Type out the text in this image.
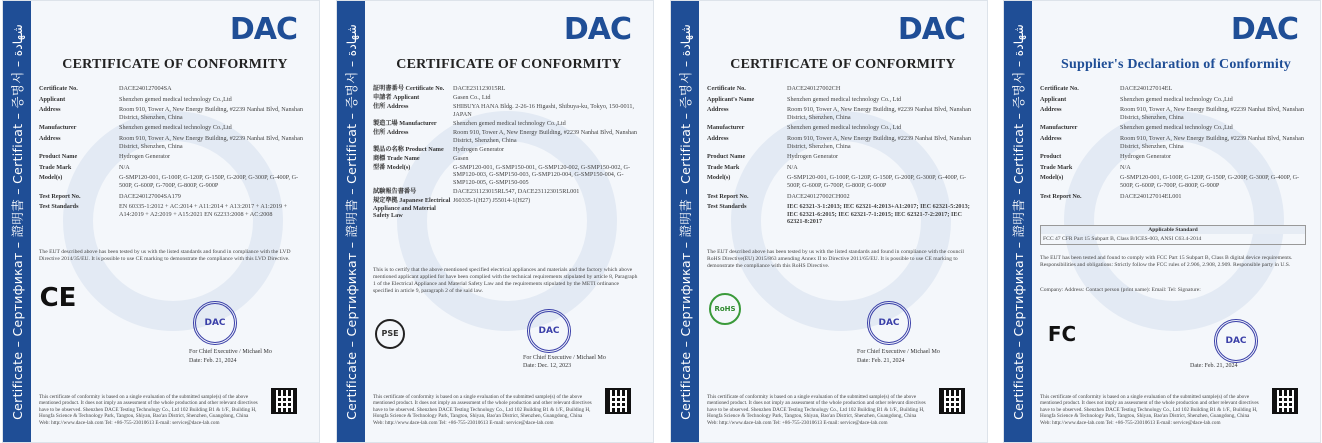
Certificate – Сертификат – 證明書 – Certificat – 증명서 – شهادة	DAC
CERTIFICATE OF CONFORMITY
Certificate No.	DACE240127004SA
Applicant	Shenzhen gemed medical technology Co.,Ltd
Address	Room 910, Tower A, New Energy Building, #2239 Nanhai Blvd, Nanshan District, Shenzhen, China
Manufacturer	Shenzhen gemed medical technology Co.,Ltd
Address	Room 910, Tower A, New Energy Building, #2239 Nanhai Blvd, Nanshan District, Shenzhen, China
Product Name	Hydrogen Generator
Trade Mark	N/A
Model(s)	G-SMP120-001, G-100P, G-120P, G-150P, G-200P, G-300P, G-400P, G-500P, G-600P, G-700P, G-800P, G-900P
Test Report No.	DACE240127004SA179
Test Standards	EN 60335-1:2012 + AC:2014 + A11:2014 + A13:2017 + A1:2019 + A14:2019 + A2:2019 + A15:2021 EN 62233:2008 + AC:2008
The EUT described above has been tested by us with the listed standards and found in compliance with the LVD Directive 2014/35/EU. It is possible to use CE marking to demonstrate the compliance with this LVD Directive.
CE
DAC
For Chief Executive / Michael Mo
Date: Feb. 21, 2024
This certificate of conformity is based on a single evaluation of the submitted sample(s) of the above mentioned product. It does not imply an assessment of the whole production and other relevant directives have to be observed. Shenzhen DACE Testing Technology Co., Ltd 102 Building B1 & 1/F., Building H, Hongfa Science & Technology Park, Tangtou, Shiyan, Bao'an District, Shenzhen, Guangdong, China Web: http://www.dace-lab.com Tel: +86-755-23010613 E-mail: service@dace-lab.com
Certificate – Сертификат – 證明書 – Certificat – 증명서 – شهادة	DAC
CERTIFICATE OF CONFORMITY
証明書番号 Certificate No.	DACE231123015RL
申請者 Applicant	Gasen Co., Ltd
住所 Address	SHIBUYA HANA Bldg. 2-26-16 Higashi, Shibuya-ku, Tokyo, 150-0011, JAPAN
製造工場 Manufacturer	Shenzhen gemed medical technology Co.,Ltd
住所 Address	Room 910, Tower A, New Energy Building, #2239 Nanhai Blvd, Nanshan District, Shenzhen, China
製品の名称 Product Name	Hydrogen Generator
商標 Trade Name	Gasen
型番 Model(s)	G-SMP120-001, G-SMP150-001, G-SMP120-002, G-SMP150-002, G-SMP120-003, G-SMP150-003, G-SMP120-004, G-SMP150-004, G-SMP120-005, G-SMP150-005
試験報告書番号	DACE231123015RL547, DACE231123015RL001
規定準拠 Japanese Electrical Appliance and Material Safety Law
J60335-1(H27) J55014-1(H27)
This is to certify that the above mentioned specified electrical appliances and materials and the factory which above mentioned applicant applied for have been complied with the technical requirements stipulated by article 8, Paragraph 1 of the Electrical Appliance and Material Safety Law and the requirements stipulated by the METI ordinance specified in article 9, paragraph 2 of the said law.
PSE	DAC
For Chief Executive / Michael Mo
Date: Dec. 12, 2023
This certificate of conformity is based on a single evaluation of the submitted sample(s) of the above mentioned product. It does not imply an assessment of the whole production and other relevant directives have to be observed. Shenzhen DACE Testing Technology Co., Ltd 102 Building B1 & 1/F., Building H, Hongfa Science & Technology Park, Tangtou, Shiyan, Bao'an District, Shenzhen, Guangdong, China Web: http://www.dace-lab.com Tel: +86-755-23010613 E-mail: service@dace-lab.com
Certificate – Сертификат – 證明書 – Certificat – 증명서 – شهادة	DAC
CERTIFICATE OF CONFORMITY
Certificate No.	DACE240127002CH
Applicant's Name	Shenzhen gemed medical technology Co., Ltd
Address	Room 910, Tower A, New Energy Building, #2239 Nanhai Blvd, Nanshan District, Shenzhen, China
Manufacturer	Shenzhen gemed medical technology Co., Ltd
Address	Room 910, Tower A, New Energy Building, #2239 Nanhai Blvd, Nanshan District, Shenzhen, China
Product Name	Hydrogen Generator
Trade Mark	N/A
Model(s)	G-SMP120-001, G-100P, G-120P, G-150P, G-200P, G-300P, G-400P, G-500P, G-600P, G-700P, G-800P, G-900P
Test Report No.	DACE240127002CH002
Test Standards	IEC 62321-3-1:2013; IEC 62321-4:2013+A1:2017; IEC 62321-5:2013; IEC 62321-6:2015; IEC 62321-7-1:2015; IEC 62321-7-2:2017; IEC 62321-8:2017
The EUT described above has been tested by us with the listed standards and found in compliance with the council RoHS Directive(EU) 2015/863 amending Annex II to Directive 2011/65/EU. It is possible to use CE marking to demonstrate the compliance with this RoHS Directive.
RoHS
DAC
For Chief Executive / Michael Mo
Date: Feb. 21, 2024
This certificate of conformity is based on a single evaluation of the submitted sample(s) of the above mentioned product. It does not imply an assessment of the whole production and other relevant directives have to be observed. Shenzhen DACE Testing Technology Co., Ltd 102 Building B1 & 1/F., Building H, Hongfa Science & Technology Park, Tangtou, Shiyan, Bao'an District, Shenzhen, Guangdong, China Web: http://www.dace-lab.com Tel: +86-755-23010613 E-mail: service@dace-lab.com
Certificate – Сертификат – 證明書 – Certificat – 증명서 – شهادة	DAC
Supplier's Declaration of Conformity
Certificate No.	DACE240127014EL
Applicant	Shenzhen gemed medical technology Co.,Ltd
Address	Room 910, Tower A, New Energy Building, #2239 Nanhai Blvd, Nanshan District, Shenzhen, China
Manufacturer	Shenzhen gemed medical technology Co.,Ltd
Address	Room 910, Tower A, New Energy Building, #2239 Nanhai Blvd, Nanshan District, Shenzhen, China
Product	Hydrogen Generator
Trade Mark	N/A
Model(s)	G-SMP120-001, G-100P, G-120P, G-150P, G-200P, G-300P, G-400P, G-500P, G-600P, G-700P, G-800P, G-900P
Test Report No.	DACE240127014EL001
Applicable Standard
FCC 47 CFR Part 15 Subpart B, Class B/ICES-003, ANSI C63.4-2014
The EUT has been tested and found to comply with FCC Part 15 Subpart B, Class B digital device requirements. Responsibilities and obligations: Strictly follow the FCC rules of 2.906, 2.908, 2.909. Responsible party in U.S.
Company: Address: Contact person (print name): Email: Tel: Signature:
FC	DAC
Date: Feb. 21, 2024
This certificate of conformity is based on a single evaluation of the submitted sample(s) of the above mentioned product. It does not imply an assessment of the whole production and other relevant directives have to be observed. Shenzhen DACE Testing Technology Co., Ltd 102 Building B1 & 1/F., Building H, Hongfa Science & Technology Park, Tangtou, Shiyan, Bao'an District, Shenzhen, Guangdong, China Web: http://www.dace-lab.com Tel: +86-755-23010613 E-mail: service@dace-lab.com
